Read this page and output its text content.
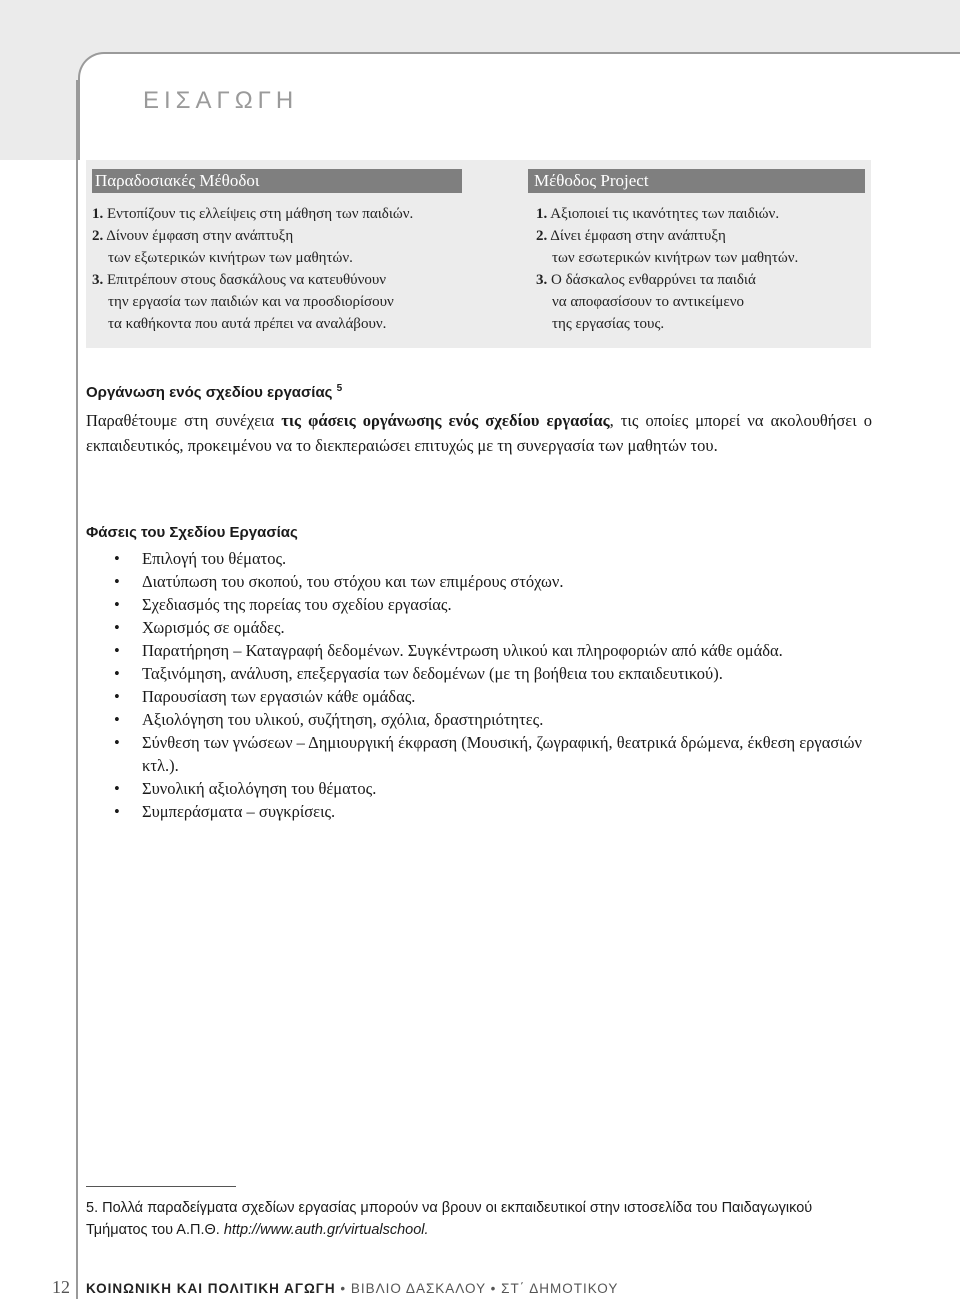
ΕΙΣΑΓΩΓΗ
Παραδοσιακές Μέθοδοι	Μέθοδος Project
1. Εντοπίζουν τις ελλείψεις στη μάθηση των παιδιών.
2. Δίνουν έμφαση στην ανάπτυξη
των εξωτερικών κινήτρων των μαθητών.
3. Επιτρέπουν στους δασκάλους να κατευθύνουν
την εργασία των παιδιών και να προσδιορίσουν
τα καθήκοντα που αυτά πρέπει να αναλάβουν.
1. Αξιοποιεί τις ικανότητες των παιδιών.
2. Δίνει έμφαση στην ανάπτυξη
των εσωτερικών κινήτρων των μαθητών.
3. Ο δάσκαλος ενθαρρύνει τα παιδιά
να αποφασίσουν το αντικείμενο
της εργασίας τους.
Οργάνωση ενός σχεδίου εργασίας $^5$

Παραθέτουμε στη συνέχεια τις φάσεις οργάνωσης ενός σχεδίου εργασίας, τις οποίες μπορεί να ακολουθήσει ο εκπαιδευτικός, προκειμένου να το διεκπεραιώσει επιτυχώς με τη συνεργασία των μαθητών του.

Φάσεις του Σχεδίου Εργασίας
• Επιλογή του θέματος.
• Διατύπωση του σκοπού, του στόχου και των επιμέρους στόχων.
• Σχεδιασμός της πορείας του σχεδίου εργασίας.
• Χωρισμός σε ομάδες.
• Παρατήρηση – Καταγραφή δεδομένων. Συγκέντρωση υλικού και πληροφοριών από κάθε ομάδα.
• Ταξινόμηση, ανάλυση, επεξεργασία των δεδομένων (με τη βοήθεια του εκπαιδευτικού).
• Παρουσίαση των εργασιών κάθε ομάδας.
• Αξιολόγηση του υλικού, συζήτηση, σχόλια, δραστηριότητες.
• Σύνθεση των γνώσεων – Δημιουργική έκφραση (Μουσική, ζωγραφική, θεατρικά δρώμενα, έκθεση εργασιών κτλ.).
• Συνολική αξιολόγηση του θέματος.
• Συμπεράσματα – συγκρίσεις.

5. Πολλά παραδείγματα σχεδίων εργασίας μπορούν να βρουν οι εκπαιδευτικοί στην ιστοσελίδα του Παιδαγωγικού Τμήματος του Α.Π.Θ. http://www.auth.gr/virtualschool.

12 ΚΟΙΝΩΝΙΚΗ ΚΑΙ ΠΟΛΙΤΙΚΗ ΑΓΩΓΗ • ΒΙΒΛΙΟ ΔΑΣΚΑΛΟΥ • ΣΤ΄ ΔΗΜΟΤΙΚΟΥ
